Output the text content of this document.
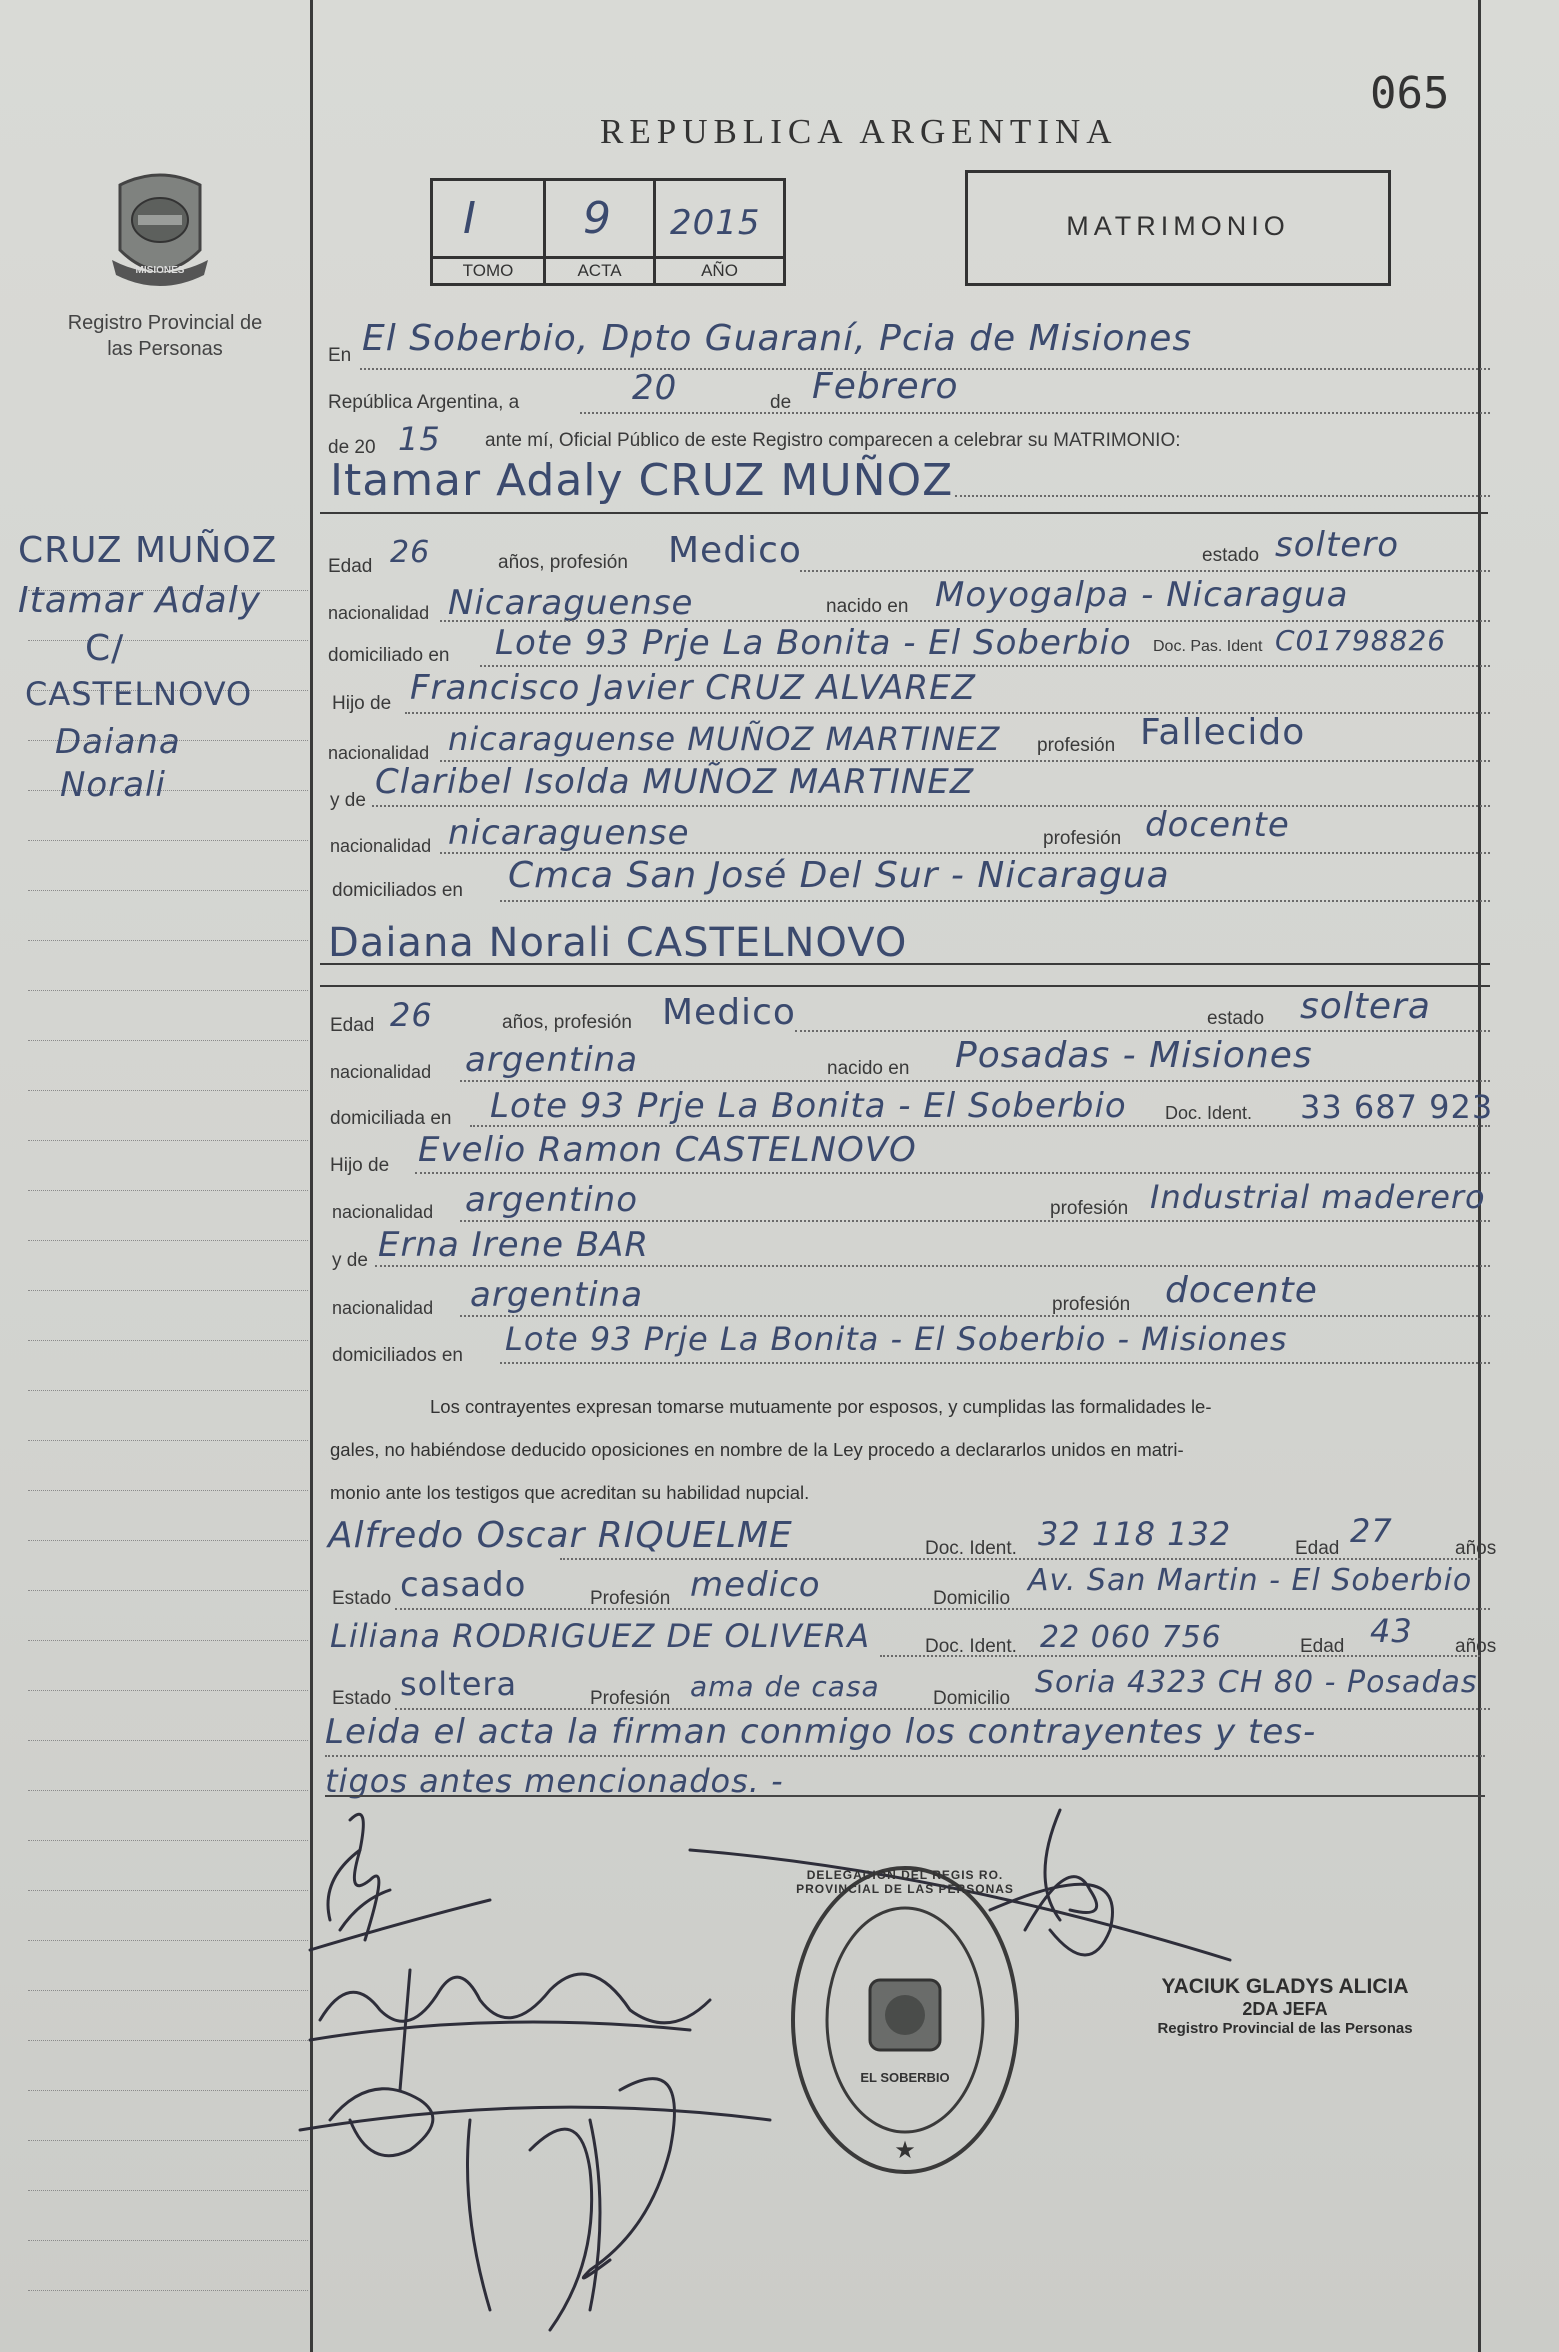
MISIONES
Registro Provincial de las Personas
065
REPUBLICA ARGENTINA
I 9 2015
TOMO	ACTA	AÑO
MATRIMONIO
CRUZ MUÑOZ
Itamar Adaly
C/
CASTELNOVO
Daiana
Norali
En El Soberbio, Dpto Guaraní, Pcia de Misiones
República Argentina, a	20	de Febrero
de 20 15 ante mí, Oficial Público de este Registro comparecen a celebrar su MATRIMONIO:
Itamar Adaly CRUZ MUÑOZ
Edad 26	años, profesión Medico	estado soltero
nacionalidad Nicaraguense	nacido en Moyogalpa - Nicaragua
domiciliado en Lote 93 Prje La Bonita - El Soberbio Doc. Pas. Ident C01798826
Hijo de Francisco Javier CRUZ ALVAREZ
nacionalidad nicaraguense MUÑOZ MARTINEZ profesión Fallecido
y de Claribel Isolda MUÑOZ MARTINEZ
nacionalidad nicaraguense	profesión docente
domiciliados en Cmca San José Del Sur - Nicaragua
Daiana Norali CASTELNOVO
Edad 26	años, profesión Medico	estado soltera
nacionalidad argentina	nacido en Posadas - Misiones
domiciliada en Lote 93 Prje La Bonita - El Soberbio Doc. Ident. 33 687 923
Hijo de Evelio Ramon CASTELNOVO
nacionalidad argentino	profesión Industrial maderero
y de Erna Irene BAR
nacionalidad argentina	profesión docente
domiciliados en Lote 93 Prje La Bonita - El Soberbio - Misiones
Los contrayentes expresan tomarse mutuamente por esposos, y cumplidas las formalidades le-
gales, no habiéndose deducido oposiciones en nombre de la Ley procedo a declararlos unidos en matri-
monio ante los testigos que acreditan su habilidad nupcial.
Alfredo Oscar RIQUELME	Doc. Ident. 32 118 132	Edad 27	años
Estado casado	Profesión medico	Domicilio
Av. San Martin - El Soberbio
Liliana RODRIGUEZ DE OLIVERA	Doc. Ident. 22 060 756	Edad 43 años
Estado soltera	Profesión ama de casa	Domicilio Soria 4323 CH 80 - Posadas
Leida el acta la firman conmigo los contrayentes y tes-
tigos antes mencionados. -
★
DELEGACION DEL REGIS RO. PROVINCIAL DE LAS PERSONAS
EL SOBERBIO
YACIUK GLADYS ALICIA
2DA JEFA
Registro Provincial de las Personas
